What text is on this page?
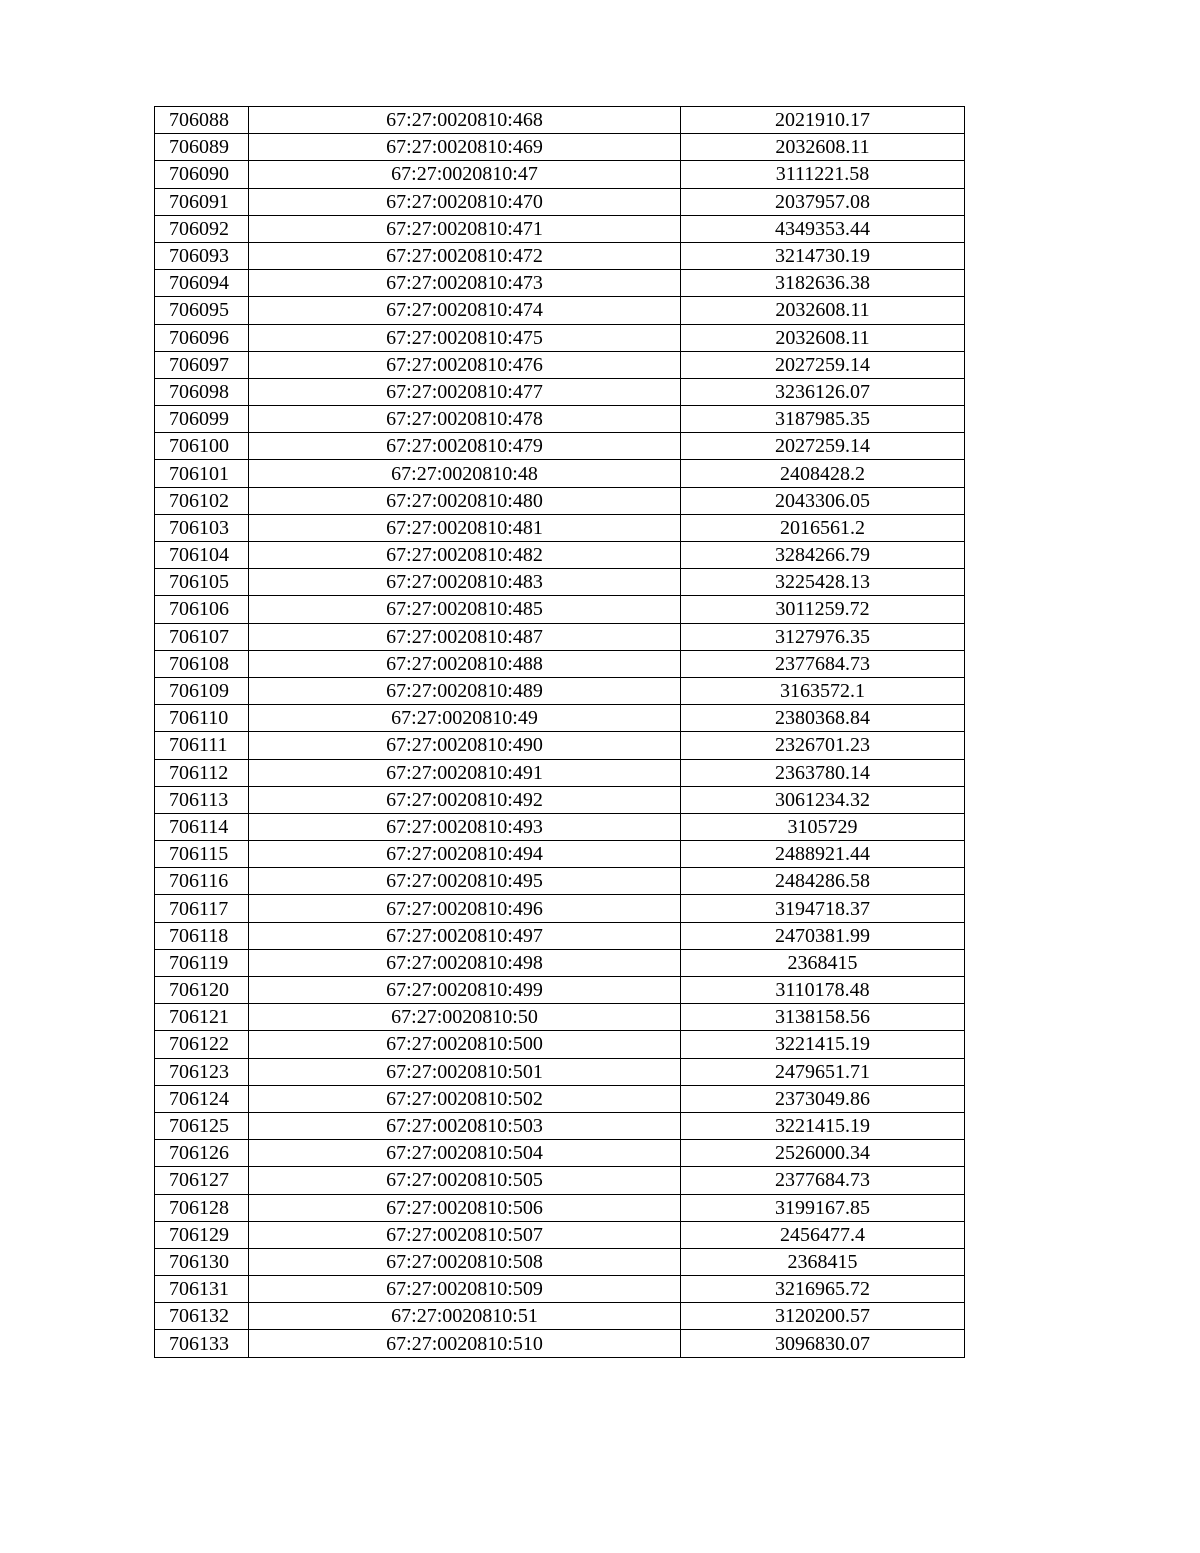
706088	67:27:0020810:468	2021910.17
706089	67:27:0020810:469	2032608.11
706090	67:27:0020810:47	3111221.58
706091	67:27:0020810:470	2037957.08
706092	67:27:0020810:471	4349353.44
706093	67:27:0020810:472	3214730.19
706094	67:27:0020810:473	3182636.38
706095	67:27:0020810:474	2032608.11
706096	67:27:0020810:475	2032608.11
706097	67:27:0020810:476	2027259.14
706098	67:27:0020810:477	3236126.07
706099	67:27:0020810:478	3187985.35
706100	67:27:0020810:479	2027259.14
706101	67:27:0020810:48	2408428.2
706102	67:27:0020810:480	2043306.05
706103	67:27:0020810:481	2016561.2
706104	67:27:0020810:482	3284266.79
706105	67:27:0020810:483	3225428.13
706106	67:27:0020810:485	3011259.72
706107	67:27:0020810:487	3127976.35
706108	67:27:0020810:488	2377684.73
706109	67:27:0020810:489	3163572.1
706110	67:27:0020810:49	2380368.84
706111	67:27:0020810:490	2326701.23
706112	67:27:0020810:491	2363780.14
706113	67:27:0020810:492	3061234.32
706114	67:27:0020810:493	3105729
706115	67:27:0020810:494	2488921.44
706116	67:27:0020810:495	2484286.58
706117	67:27:0020810:496	3194718.37
706118	67:27:0020810:497	2470381.99
706119	67:27:0020810:498	2368415
706120	67:27:0020810:499	3110178.48
706121	67:27:0020810:50	3138158.56
706122	67:27:0020810:500	3221415.19
706123	67:27:0020810:501	2479651.71
706124	67:27:0020810:502	2373049.86
706125	67:27:0020810:503	3221415.19
706126	67:27:0020810:504	2526000.34
706127	67:27:0020810:505	2377684.73
706128	67:27:0020810:506	3199167.85
706129	67:27:0020810:507	2456477.4
706130	67:27:0020810:508	2368415
706131	67:27:0020810:509	3216965.72
706132	67:27:0020810:51	3120200.57
706133	67:27:0020810:510	3096830.07
